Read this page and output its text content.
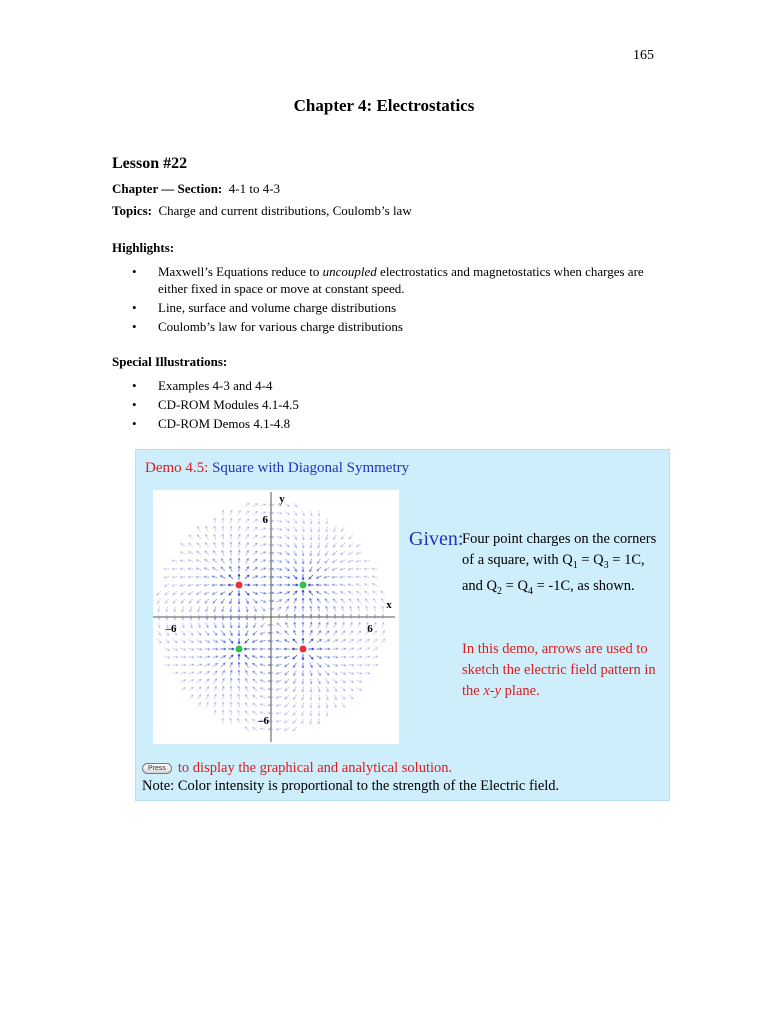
165
Chapter 4: Electrostatics
Lesson #22
Chapter — Section: 4-1 to 4-3
Topics: Charge and current distributions, Coulomb’s law
Highlights:
• Maxwell’s Equations reduce to uncoupled electrostatics and magnetostatics when charges are either fixed in space or move at constant speed.
• Line, surface and volume charge distributions
• Coulomb’s law for various charge distributions
Special Illustrations:
• Examples 4-3 and 4-4
• CD-ROM Modules 4.1-4.5
• CD-ROM Demos 4.1-4.8
Demo 4.5: Square with Diagonal Symmetry
x
y
–6	6
6
–6
Given:
Four point charges on the corners of a square, with $Q_1 = Q_3 = 1C$, and $Q_2 = Q_4 = -1C$, as shown.
In this demo, arrows are used to sketch the electric field pattern in the x-y plane.
Press to display the graphical and analytical solution.
Note: Color intensity is proportional to the strength of the Electric field.
